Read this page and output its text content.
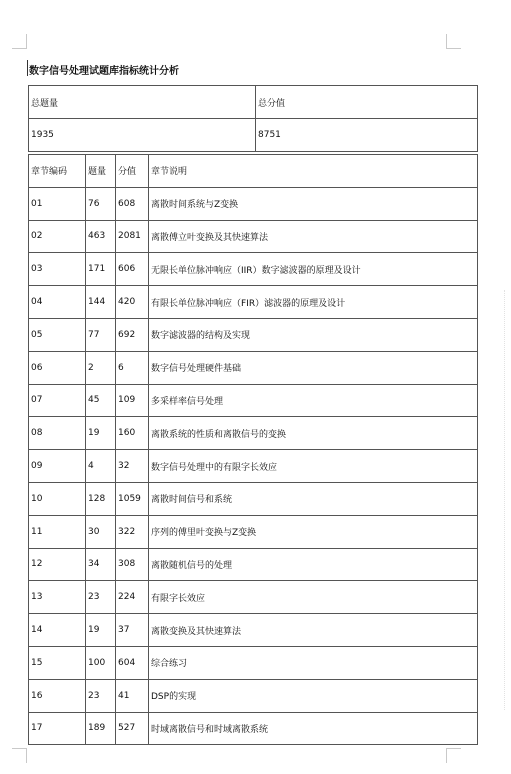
数字信号处理试题库指标统计分析
总题量	总分值
1935	8751
章节编码	题量	分值	章节说明
01	76	608	离散时间系统与Z变换
02	463	2081	离散傅立叶变换及其快速算法
03	171	606	无限长单位脉冲响应（IIR）数字滤波器的原理及设计
04	144	420	有限长单位脉冲响应（FIR）滤波器的原理及设计
05	77	692	数字滤波器的结构及实现
06	2	6	数字信号处理硬件基础
07	45	109	多采样率信号处理
08	19	160	离散系统的性质和离散信号的变换
09	4	32	数字信号处理中的有限字长效应
10	128	1059	离散时间信号和系统
11	30	322	序列的傅里叶变换与Z变换
12	34	308	离散随机信号的处理
13	23	224	有限字长效应
14	19	37	离散变换及其快速算法
15	100	604	综合练习
16	23	41	DSP的实现
17	189	527	时域离散信号和时域离散系统
